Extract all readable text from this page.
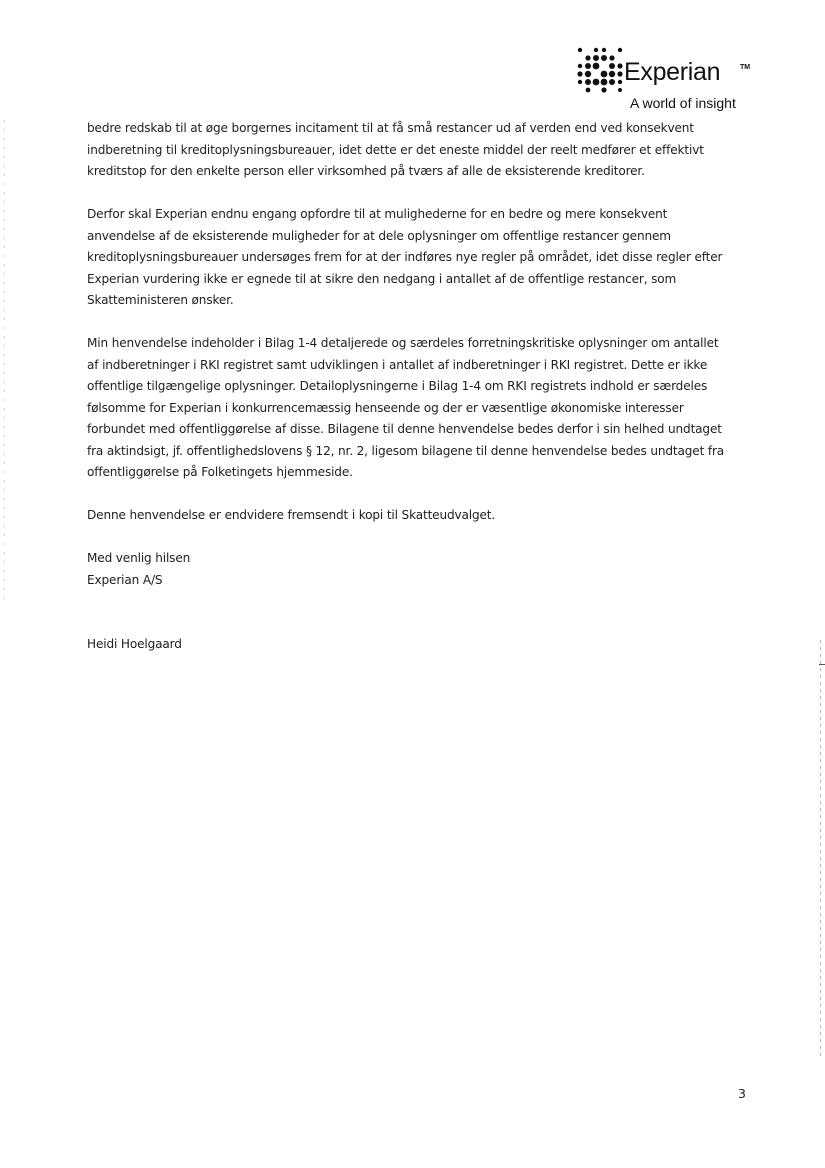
Experian	TM
A world of insight

bedre redskab til at øge borgernes incitament til at få små restancer ud af verden end ved konsekvent
indberetning til kreditoplysningsbureauer, idet dette er det eneste middel der reelt medfører et effektivt
kreditstop for den enkelte person eller virksomhed på tværs af alle de eksisterende kreditorer.

Derfor skal Experian endnu engang opfordre til at mulighederne for en bedre og mere konsekvent
anvendelse af de eksisterende muligheder for at dele oplysninger om offentlige restancer gennem
kreditoplysningsbureauer undersøges frem for at der indføres nye regler på området, idet disse regler efter
Experian vurdering ikke er egnede til at sikre den nedgang i antallet af de offentlige restancer, som
Skatteministeren ønsker.

Min henvendelse indeholder i Bilag 1-4 detaljerede og særdeles forretningskritiske oplysninger om antallet
af indberetninger i RKI registret samt udviklingen i antallet af indberetninger i RKI registret. Dette er ikke
offentlige tilgængelige oplysninger. Detailoplysningerne i Bilag 1-4 om RKI registrets indhold er særdeles
følsomme for Experian i konkurrencemæssig henseende og der er væsentlige økonomiske interesser
forbundet med offentliggørelse af disse. Bilagene til denne henvendelse bedes derfor i sin helhed undtaget
fra aktindsigt, jf. offentlighedslovens § 12, nr. 2, ligesom bilagene til denne henvendelse bedes undtaget fra
offentliggørelse på Folketingets hjemmeside.

Denne henvendelse er endvidere fremsendt i kopi til Skatteudvalget.

Med venlig hilsen
Experian A/S

Heidi Hoelgaard

3
